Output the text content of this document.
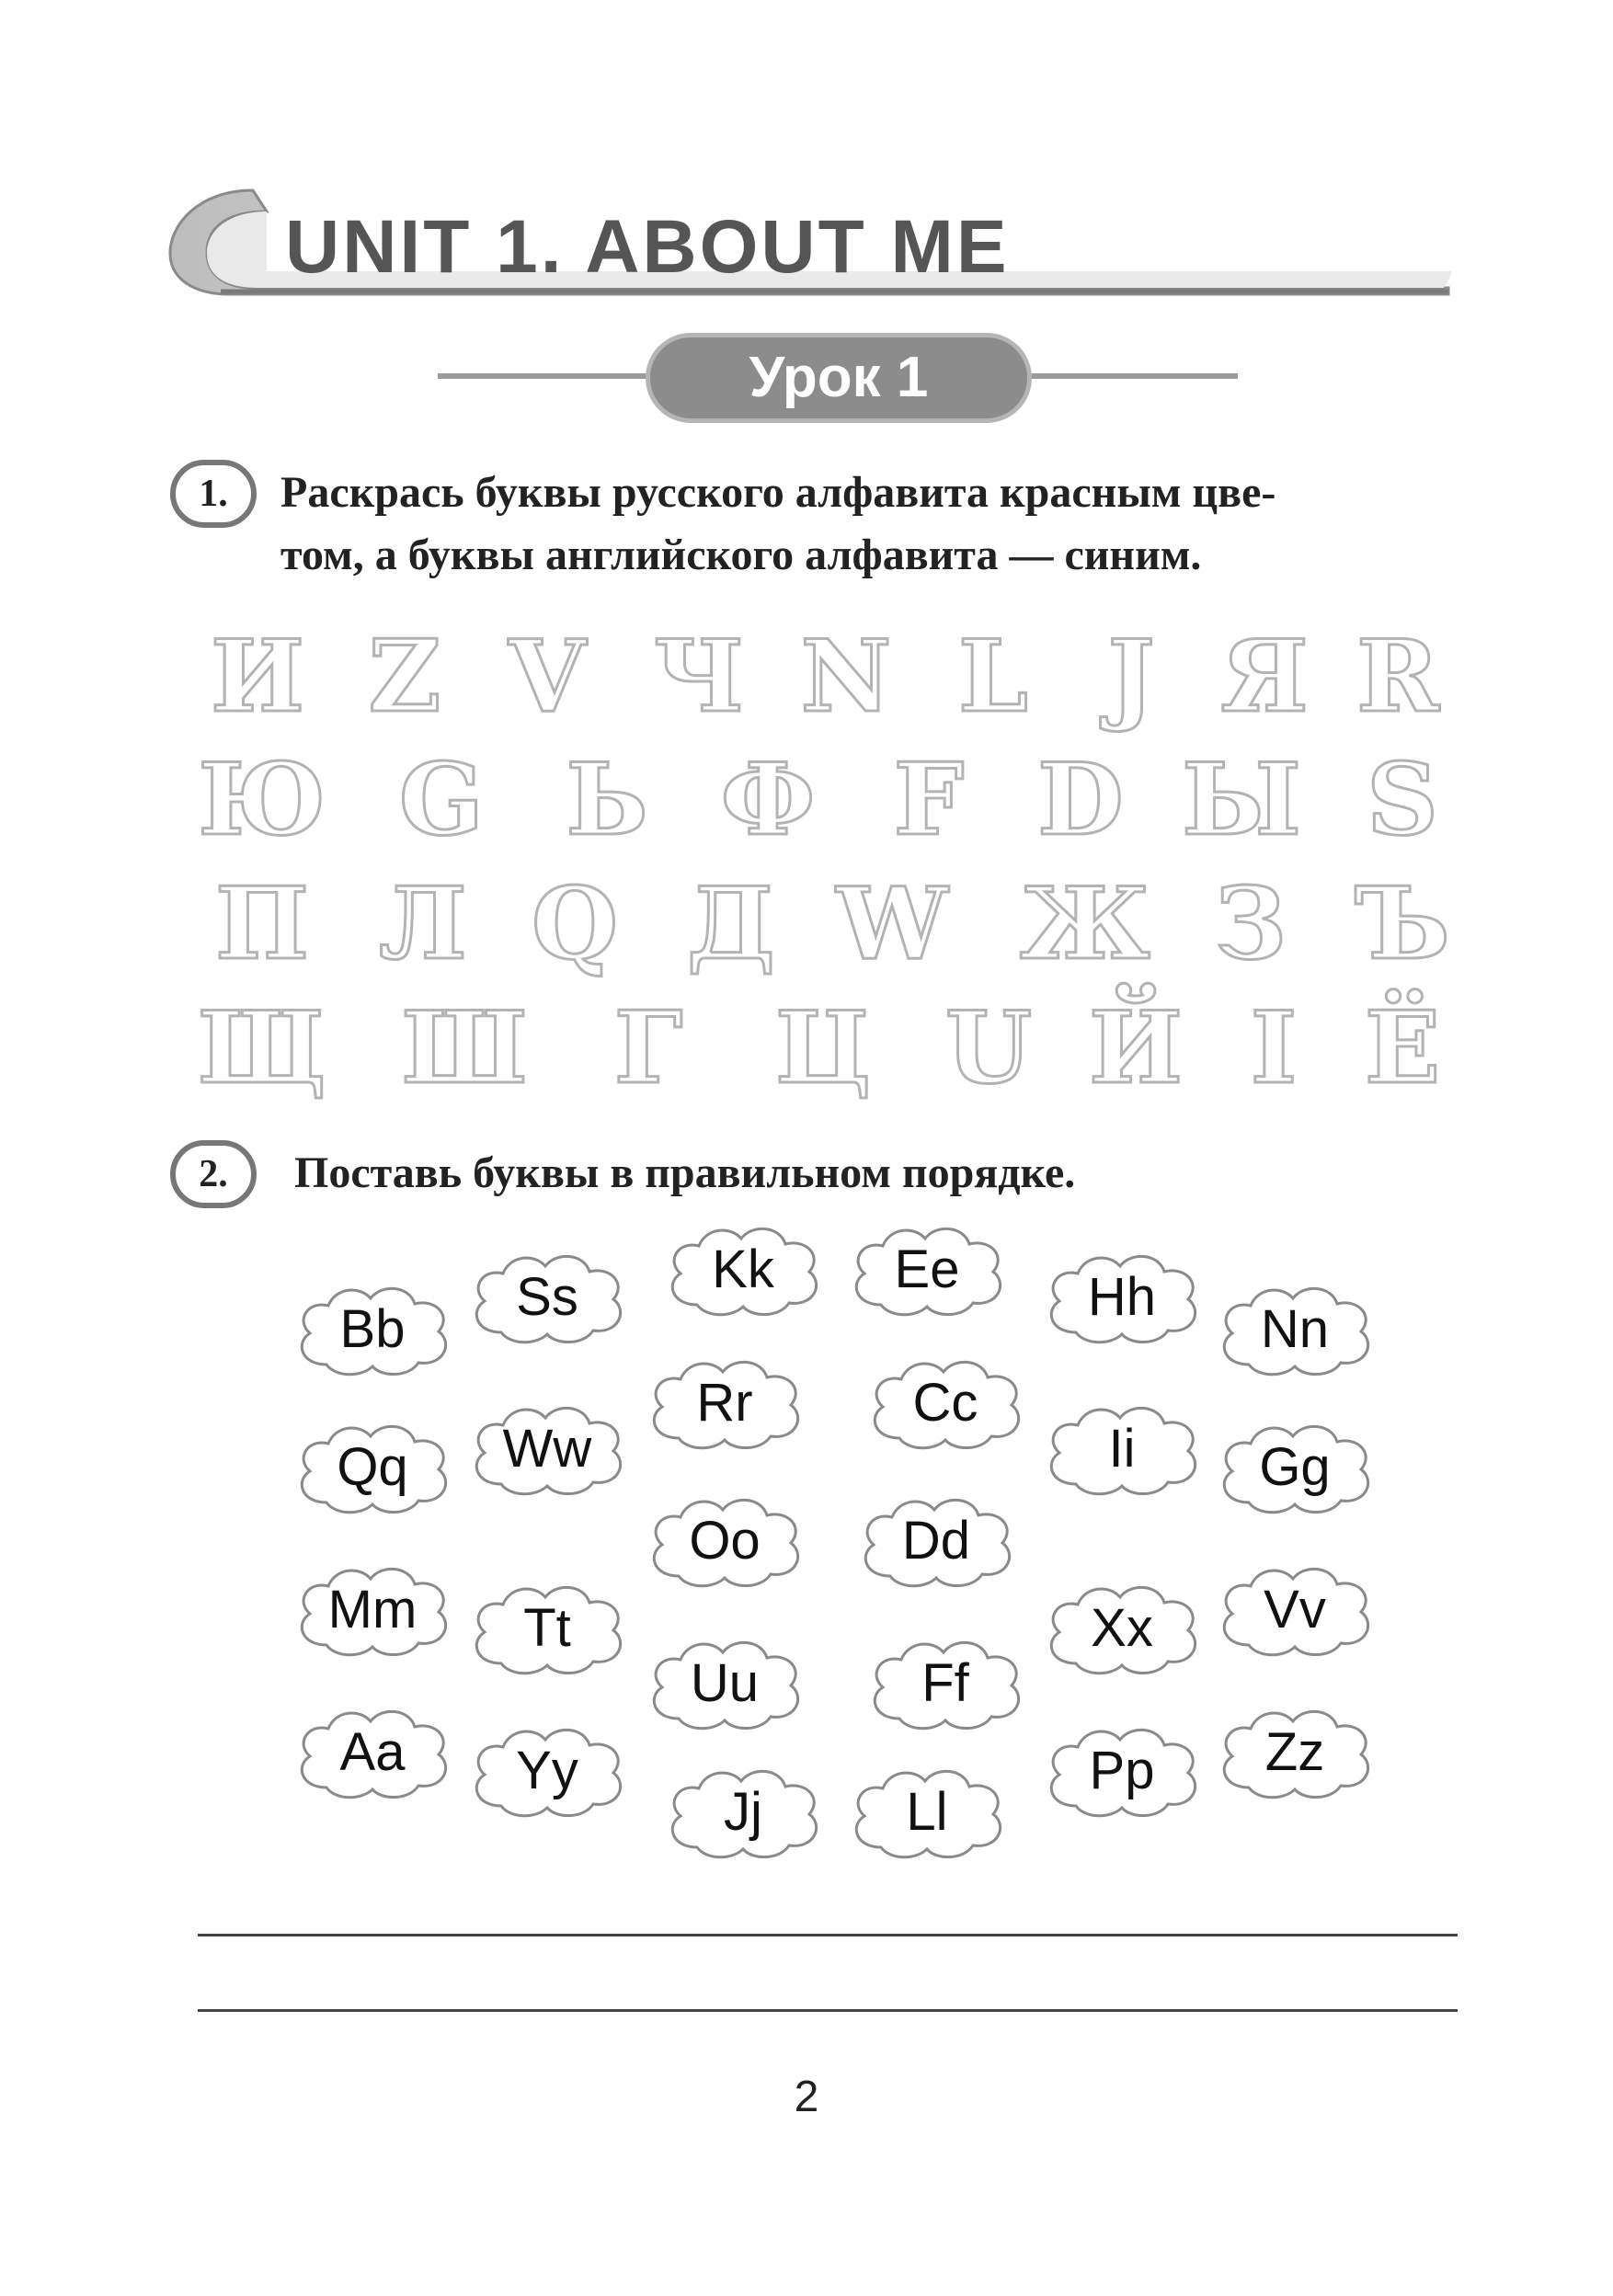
UNIT 1. ABOUT ME
Урок 1
1.	Раскрась буквы русского алфавита красным цве-
том, а буквы английского алфавита — синим.
И Z V Ч N L J Я R
Ю G Ь Ф F D Ы S
П Л Q Д W Ж З Ъ
Щ Ш Г Ц U Й I Ё
2.	Поставь буквы в правильном порядке.
Bb
Ss	Kk	Ee	Hh
Nn
Rr	Cc
Qq	Ww	Ii	Gg
Oo	Dd
Mm	Tt	Xx	Vv
Uu	Ff
Aa	Yy
Jj	Ll
Pp	Zz
2
